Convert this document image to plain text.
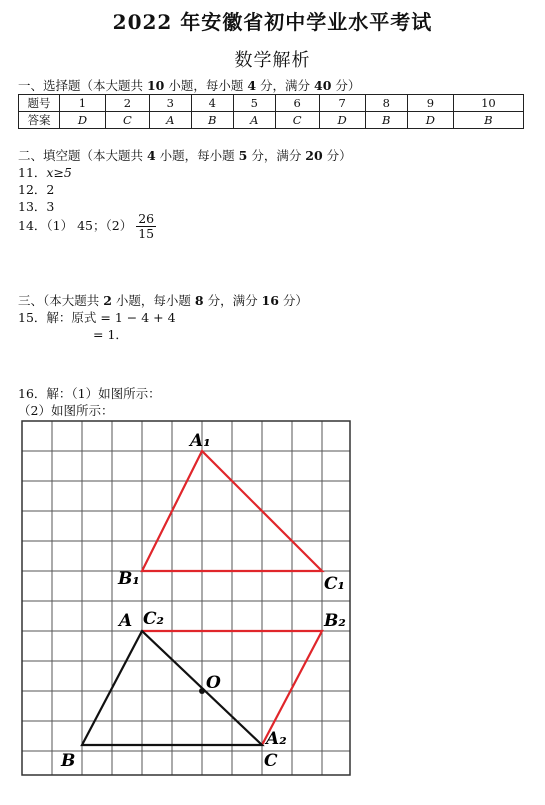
2022 年安徽省初中学业水平考试
数学解析
一、选择题（本大题共 10 小题，每小题 4 分，满分 40 分）
题号	1	2	3	4	5	6	7	8	9	10
答案	D	C	A	B	A	C	D	B	D	B
二、填空题（本大题共 4 小题，每小题 5 分，满分 20 分）
11．x≥5
12．2
13．3
14．（1） 45；$(2) \frac{26}{15}$
三、（本大题共 2 小题，每小题 8 分，满分 16 分）
15．解：原式 = 1 − 4 + 4
= 1．
16．解：（1）如图所示：
（2）如图所示：
A₁
B₁	C₁
A C₂	B₂
O
A₂
B	C
